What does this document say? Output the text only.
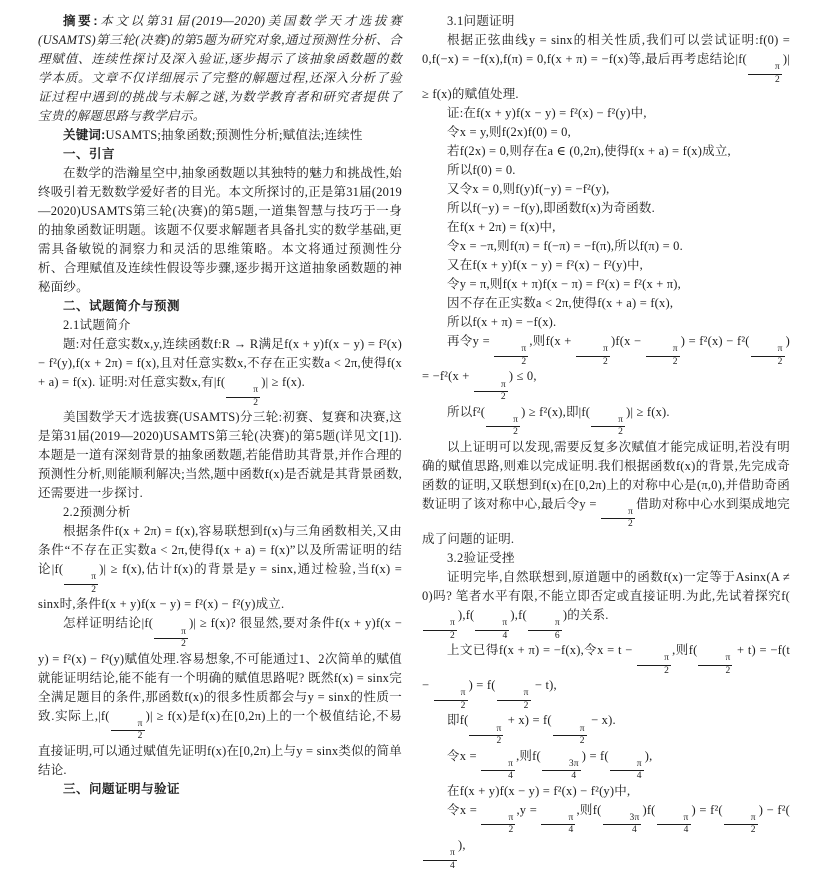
摘要:本文以第31届(2019—2020)美国数学天才选拔赛(USAMTS)第三轮(决赛)的第5题为研究对象,通过预测性分析、合理赋值、连续性探讨及深入验证,逐步揭示了该抽象函数题的数学本质。文章不仅详细展示了完整的解题过程,还深入分析了验证过程中遇到的挑战与未解之谜,为数学教育者和研究者提供了宝贵的解题思路与教学启示。

关键词:USAMTS;抽象函数;预测性分析;赋值法;连续性

一、引言

在数学的浩瀚星空中,抽象函数题以其独特的魅力和挑战性,始终吸引着无数数学爱好者的目光。本文所探讨的,正是第31届(2019—2020)USAMTS第三轮(决赛)的第5题,一道集智慧与技巧于一身的抽象函数证明题。该题不仅要求解题者具备扎实的数学基础,更需具备敏锐的洞察力和灵活的思维策略。本文将通过预测性分析、合理赋值及连续性假设等步骤,逐步揭开这道抽象函数题的神秘面纱。

二、试题简介与预测

2.1试题简介

题:对任意实数x,y,连续函数f:R → R满足f(x + y)f(x − y) = f²(x) − f²(y),f(x + 2π) = f(x),且对任意实数x,不存在正实数a < 2π,使得f(x + a) = f(x). 证明:对任意实数x,有|f(
$\frac{\pi}{2}$
)| ≥ f(x).

美国数学天才选拔赛(USAMTS)分三轮:初赛、复赛和决赛,这是第31届(2019—2020)USAMTS第三轮(决赛)的第5题(详见文[1]).本题是一道有深刻背景的抽象函数题,若能借助其背景,并作合理的预测性分析,则能顺利解决;当然,题中函数f(x)是否就是其背景函数,还需要进一步探讨.

2.2预测分析

根据条件f(x + 2π) = f(x),容易联想到f(x)与三角函数相关,又由条件“不存在正实数a < 2π,使得f(x + a) = f(x)”以及所需证明的结论|f(
$\frac{\pi}{2}$
)| ≥ f(x),估计f(x)的背景是y = sinx,通过检验,当f(x) = sinx时,条件f(x + y)f(x − y) = f²(x) − f²(y)成立.

怎样证明结论|f(
$\frac{\pi}{2}$
)| ≥ f(x)? 很显然,要对条件f(x + y)f(x − y) = f²(x) − f²(y)赋值处理.容易想象,不可能通过1、2次简单的赋值就能证明结论,能不能有一个明确的赋值思路呢? 既然f(x) = sinx完全满足题目的条件,那函数f(x)的很多性质都会与y = sinx的性质一致.实际上,|f(
$\frac{\pi}{2}$
)| ≥ f(x)是f(x)在[0,2π)上的一个极值结论,不易直接证明,可以通过赋值先证明f(x)在[0,2π)上与y = sinx类似的简单结论.

三、问题证明与验证

3.1问题证明

根据正弦曲线y = sinx的相关性质,我们可以尝试证明:f(0) = 0,f(−x) = −f(x),f(π) = 0,f(x + π) = −f(x)等,最后再考虑结论|f(
$\frac{\pi}{2}$
)| ≥ f(x)的赋值处理.

证:在f(x + y)f(x − y) = f²(x) − f²(y)中,

令x = y,则f(2x)f(0) = 0,

若f(2x) = 0,则存在a ∈ (0,2π),使得f(x + a) = f(x)成立,

所以f(0) = 0.

又令x = 0,则f(y)f(−y) = −f²(y),

所以f(−y) = −f(y),即函数f(x)为奇函数.

在f(x + 2π) = f(x)中,

令x = −π,则f(π) = f(−π) = −f(π),所以f(π) = 0.

又在f(x + y)f(x − y) = f²(x) − f²(y)中,

令y = π,则f(x + π)f(x − π) = f²(x) = f²(x + π),

因不存在正实数a < 2π,使得f(x + a) = f(x),

所以f(x + π) = −f(x).

再令y =
$\frac{\pi}{2}$
,则f(x +
$\frac{\pi}{2}$
)f(x −
$\frac{\pi}{2}$
) = f²(x) − f²(
$\frac{\pi}{2}$
) = −f²(x +
$\frac{\pi}{2}$
) ≤ 0,

所以f²(
$\frac{\pi}{2}$
) ≥ f²(x),即|f(
$\frac{\pi}{2}$
)| ≥ f(x).

以上证明可以发现,需要反复多次赋值才能完成证明,若没有明确的赋值思路,则难以完成证明.我们根据函数f(x)的背景,先完成奇函数的证明,又联想到f(x)在[0,2π)上的对称中心是(π,0),并借助奇函数证明了该对称中心,最后令y =
$\frac{\pi}{2}$
借助对称中心水到渠成地完成了问题的证明.

3.2验证受挫

证明完毕,自然联想到,原道题中的函数f(x)一定等于Asinx(A ≠ 0)吗? 笔者水平有限,不能立即否定或直接证明.为此,先试着探究f(
$\frac{\pi}{2}$
),f(
$\frac{\pi}{4}$
),f(
$\frac{\pi}{6}$
)的关系.

上文已得f(x + π) = −f(x),令x = t −
$\frac{\pi}{2}$
,则f(
$\frac{\pi}{2}$
+ t) = −f(t −
$\frac{\pi}{2}$
) = f(
$\frac{\pi}{2}$
− t),

即f(
$\frac{\pi}{2}$
+ x) = f(
$\frac{\pi}{2}$
− x).

令x =
$\frac{\pi}{4}$
,则f(
$\frac{3\pi}{4}$
) = f(
$\frac{\pi}{4}$
),

在f(x + y)f(x − y) = f²(x) − f²(y)中,

令x =
$\frac{\pi}{2}$
,y =
$\frac{\pi}{4}$
,则f(
$\frac{3\pi}{4}$
)f(
$\frac{\pi}{4}$
) = f²(
$\frac{\pi}{2}$
) − f²(
$\frac{\pi}{4}$
),
